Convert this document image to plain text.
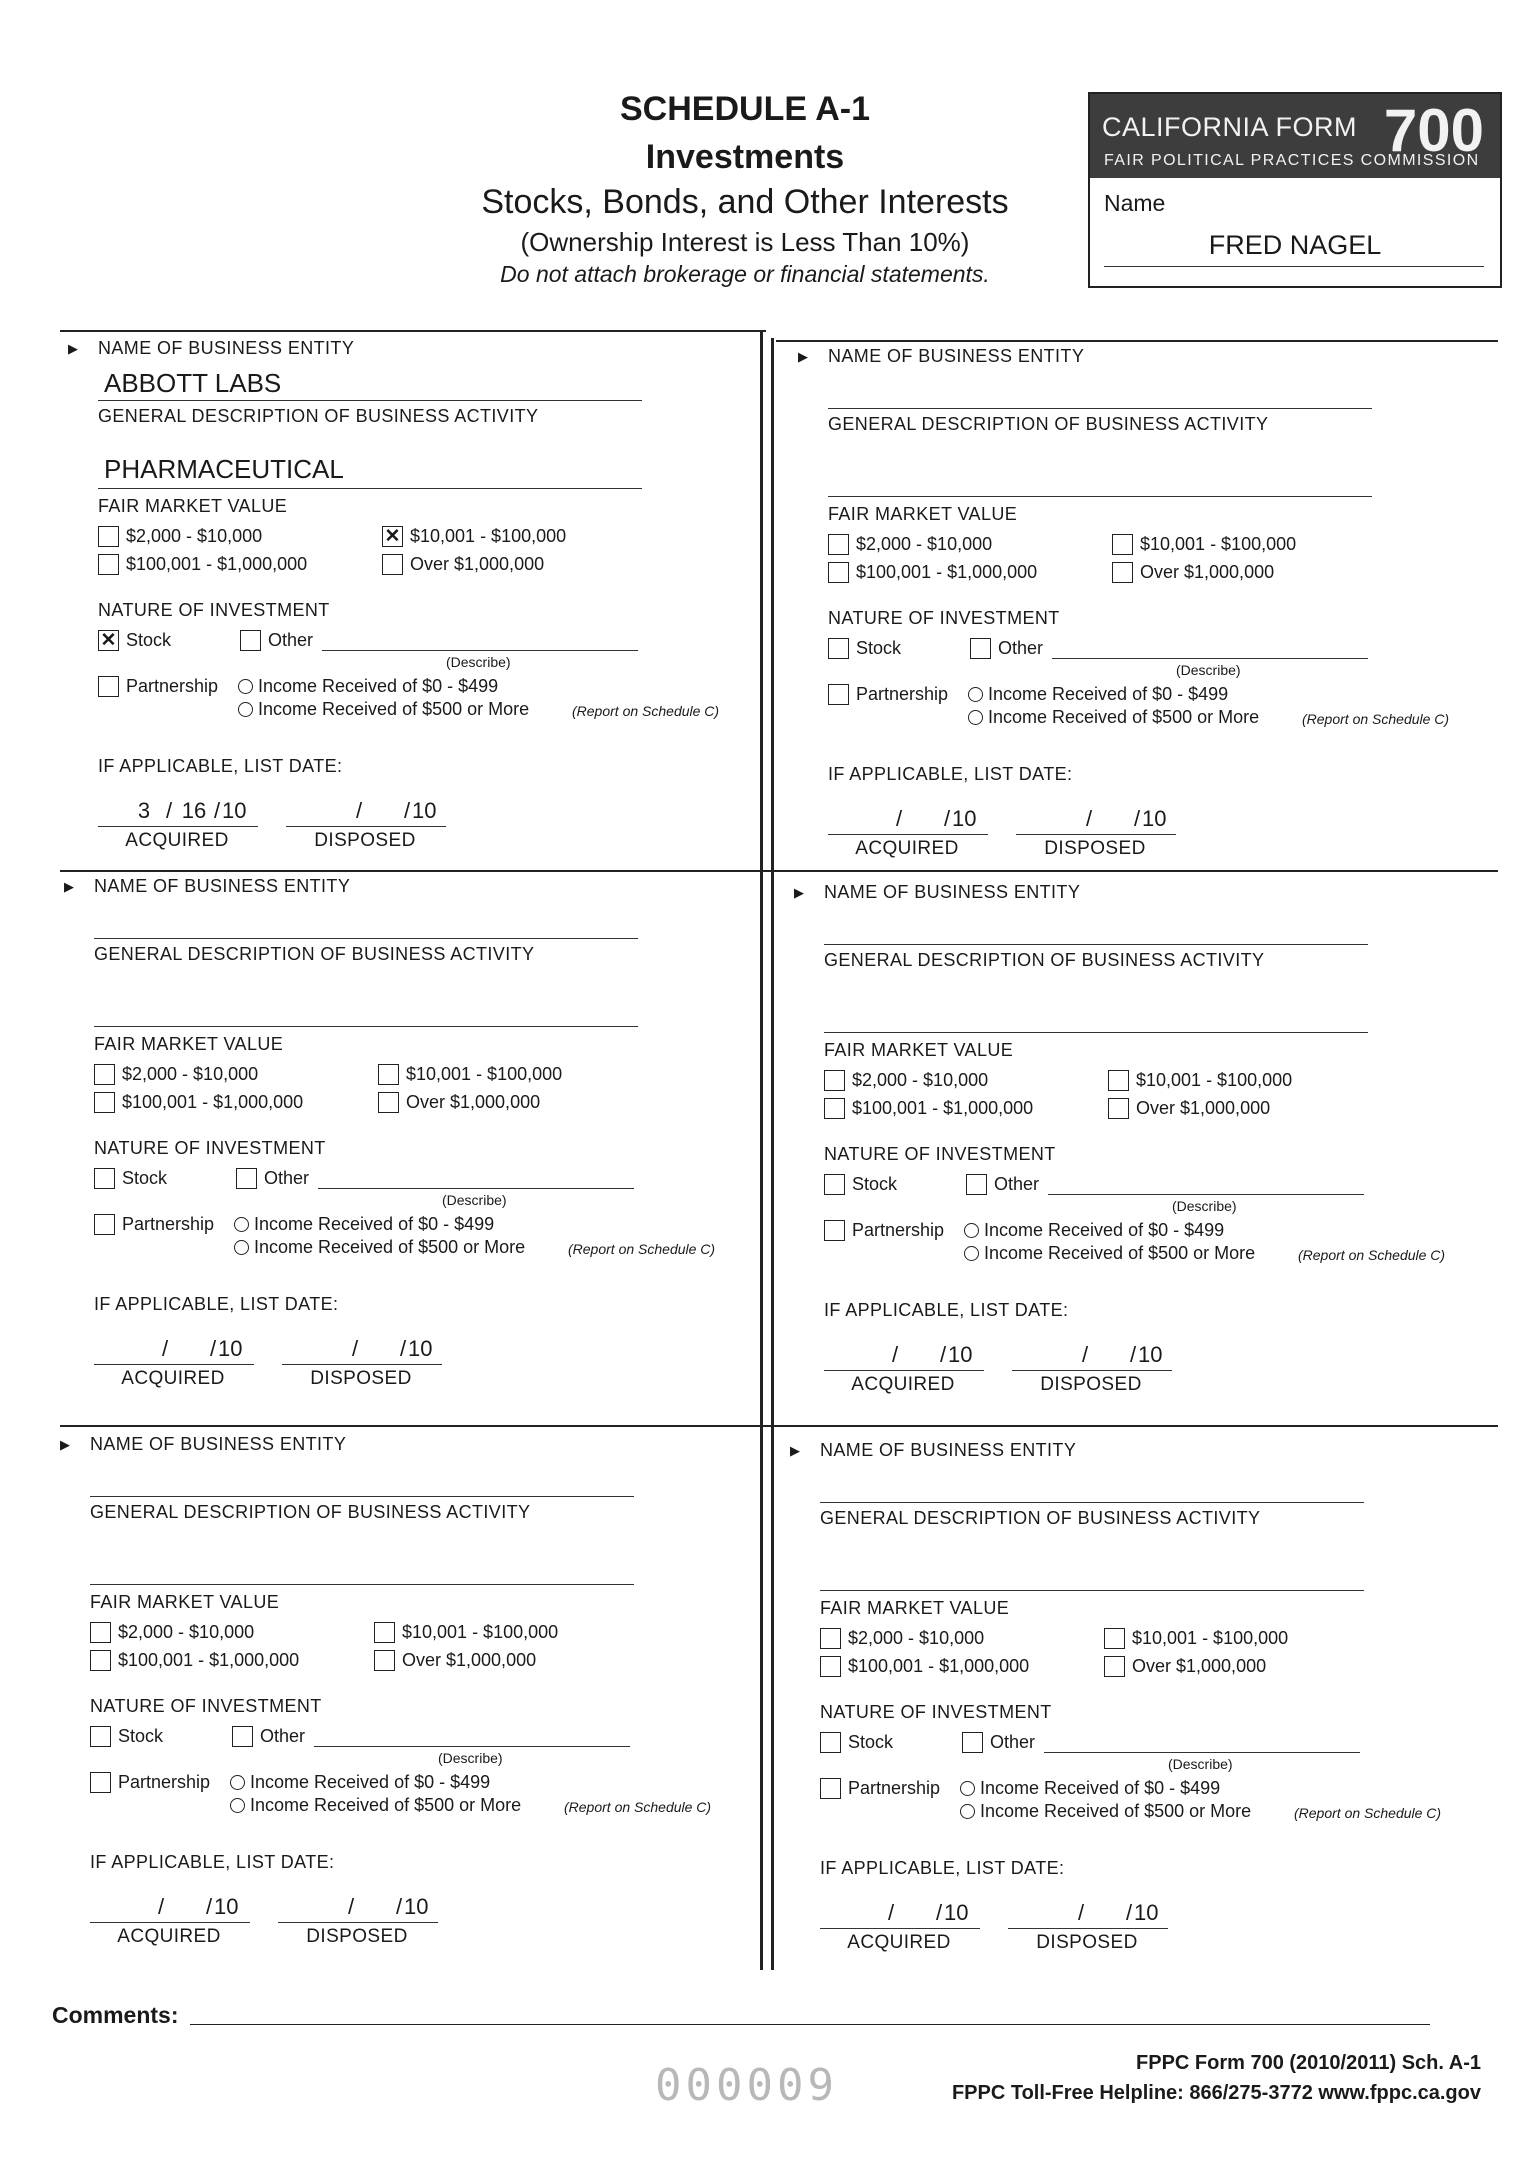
SCHEDULE A-1
Investments
Stocks, Bonds, and Other Interests
(Ownership Interest is Less Than 10%)
Do not attach brokerage or financial statements.
CALIFORNIA FORM 700
FAIR POLITICAL PRACTICES COMMISSION
Name
FRED NAGEL
▶ NAME OF BUSINESS ENTITY
ABBOTT LABS
GENERAL DESCRIPTION OF BUSINESS ACTIVITY
PHARMACEUTICAL
FAIR MARKET VALUE
$2,000 - $10,000	✕ $10,001 - $100,000
$100,001 - $1,000,000	Over $1,000,000
NATURE OF INVESTMENT
✕ Stock	Other
(Describe)
Partnership Income Received of $0 - $499
Income Received of $500 or More	(Report on Schedule C)
IF APPLICABLE, LIST DATE:
3 / 16 / 10
ACQUIRED
/ / 10
DISPOSED
▶ NAME OF BUSINESS ENTITY
GENERAL DESCRIPTION OF BUSINESS ACTIVITY
FAIR MARKET VALUE
$2,000 - $10,000	$10,001 - $100,000
$100,001 - $1,000,000	Over $1,000,000
NATURE OF INVESTMENT
Stock	Other
(Describe)
Partnership Income Received of $0 - $499
Income Received of $500 or More	(Report on Schedule C)
IF APPLICABLE, LIST DATE:
/ / 10
ACQUIRED
/ / 10
DISPOSED
▶ NAME OF BUSINESS ENTITY
GENERAL DESCRIPTION OF BUSINESS ACTIVITY
FAIR MARKET VALUE
$2,000 - $10,000	$10,001 - $100,000
$100,001 - $1,000,000	Over $1,000,000
NATURE OF INVESTMENT
Stock	Other
(Describe)
Partnership Income Received of $0 - $499
Income Received of $500 or More	(Report on Schedule C)
IF APPLICABLE, LIST DATE:
/ / 10
ACQUIRED
/ / 10
DISPOSED
▶ NAME OF BUSINESS ENTITY
GENERAL DESCRIPTION OF BUSINESS ACTIVITY
FAIR MARKET VALUE
$2,000 - $10,000	$10,001 - $100,000
$100,001 - $1,000,000	Over $1,000,000
NATURE OF INVESTMENT
Stock	Other
(Describe)
Partnership Income Received of $0 - $499
Income Received of $500 or More	(Report on Schedule C)
IF APPLICABLE, LIST DATE:
/ / 10
ACQUIRED
/ / 10
DISPOSED
▶ NAME OF BUSINESS ENTITY
GENERAL DESCRIPTION OF BUSINESS ACTIVITY
FAIR MARKET VALUE
$2,000 - $10,000	$10,001 - $100,000
$100,001 - $1,000,000	Over $1,000,000
NATURE OF INVESTMENT
Stock	Other
(Describe)
Partnership Income Received of $0 - $499
Income Received of $500 or More	(Report on Schedule C)
IF APPLICABLE, LIST DATE:
/ / 10
ACQUIRED
/ / 10
DISPOSED
▶ NAME OF BUSINESS ENTITY
GENERAL DESCRIPTION OF BUSINESS ACTIVITY
FAIR MARKET VALUE
$2,000 - $10,000	$10,001 - $100,000
$100,001 - $1,000,000	Over $1,000,000
NATURE OF INVESTMENT
Stock	Other
(Describe)
Partnership Income Received of $0 - $499
Income Received of $500 or More	(Report on Schedule C)
IF APPLICABLE, LIST DATE:
/ / 10
ACQUIRED
/ / 10
DISPOSED
Comments:
000009	FPPC Form 700 (2010/2011) Sch. A-1
FPPC Toll-Free Helpline: 866/275-3772 www.fppc.ca.gov
